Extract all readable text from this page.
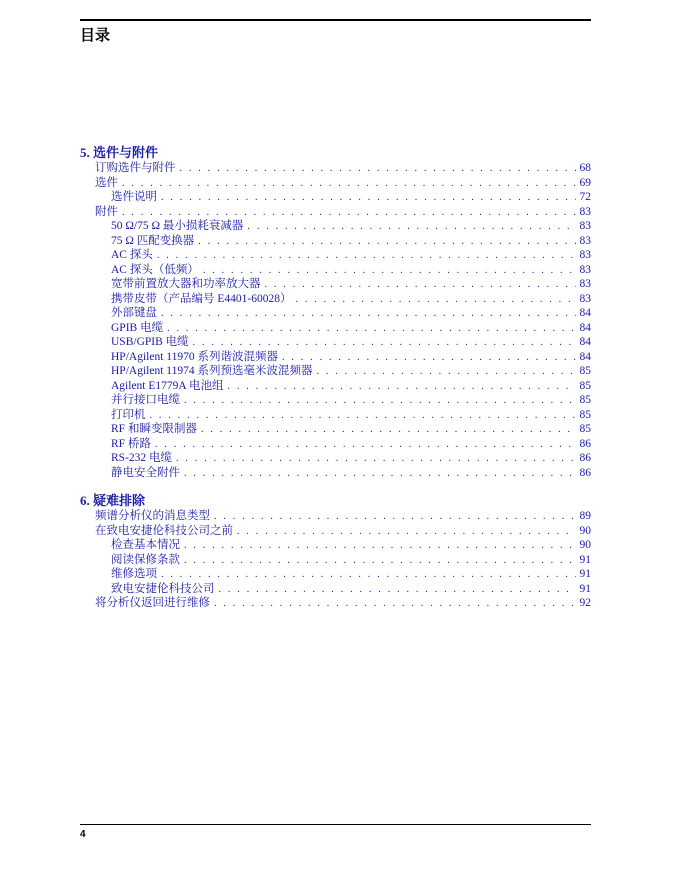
目录
5. 选件与附件
订购选件与附件 . . .	68
选件 . . .	69
选件说明 . . .	72
附件 . . .	83
50 Ω/75 Ω 最小损耗衰减器 . . .	83
75 Ω 匹配变换器 . . .	83
AC 探头 . . .	83
AC 探头（低频） . . .	83
宽带前置放大器和功率放大器 . . .	83
携带皮带（产品编号 E4401-60028） . . .	83
外部键盘 . . .	84
GPIB 电缆 . . .	84
USB/GPIB 电缆 . . .	84
HP/Agilent 11970 系列谐波混频器 . . .	84
HP/Agilent 11974 系列预选毫米波混频器 . . .	85
Agilent E1779A 电池组 . . .	85
并行接口电缆 . . .	85
打印机 . . .	85
RF 和瞬变限制器 . . .	85
RF 桥路 . . .	86
RS-232 电缆 . . .	86
静电安全附件 . . .	86
6. 疑难排除
频谱分析仪的消息类型 . . .	89
在致电安捷伦科技公司之前 . . .	90
检查基本情况 . . .	90
阅读保修条款 . . .	91
维修选项 . . .	91
致电安捷伦科技公司 . . .	91
将分析仪返回进行维修 . . .	92
4
